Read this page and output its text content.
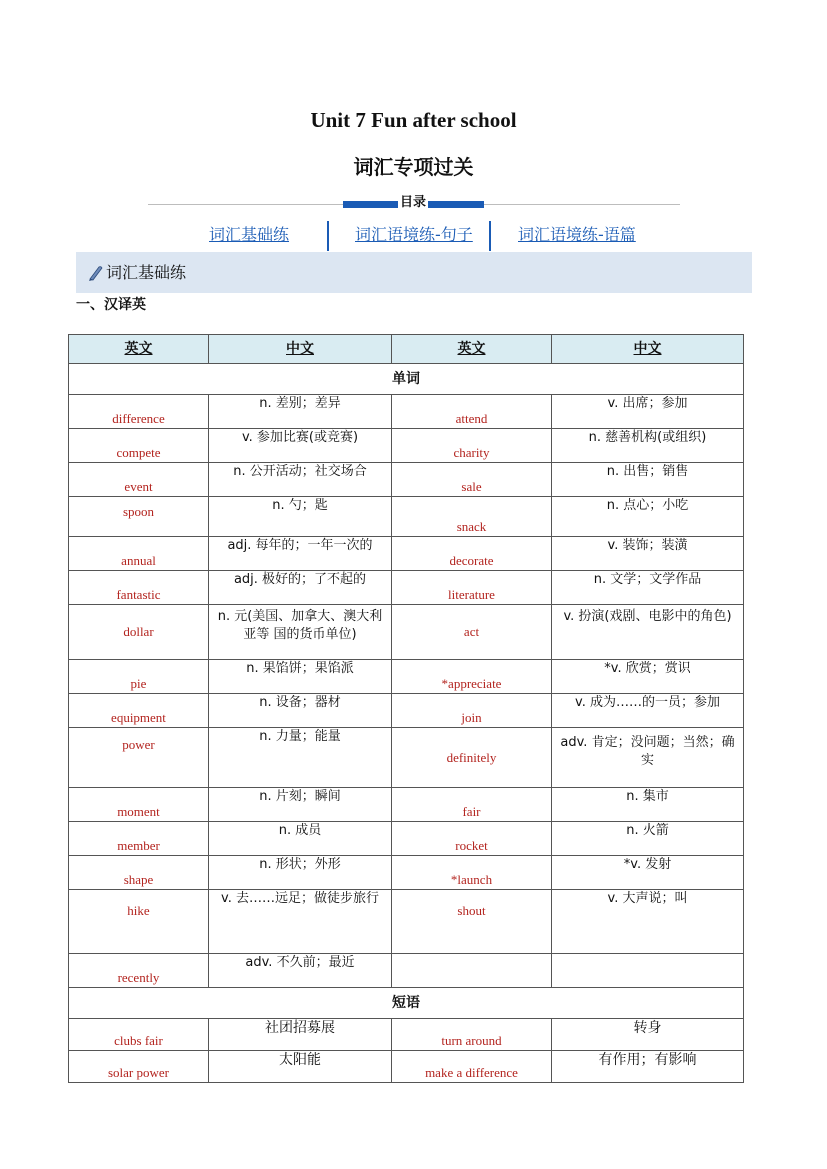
Unit 7 Fun after school
词汇专项过关
目录
词汇基础练	词汇语境练-句子	词汇语境练-语篇
词汇基础练
一、汉译英
英文	中文	英文	中文
单词			
difference	n. 差别；差异	attend	v. 出席；参加
compete	v. 参加比赛(或竞赛)	charity	n. 慈善机构(或组织)
event	n. 公开活动；社交场合	sale	n. 出售；销售
spoon	n. 勺；匙	snack	n. 点心；小吃
annual	adj. 每年的；一年一次的	decorate	v. 装饰；装潢
fantastic	adj. 极好的；了不起的	literature	n. 文学；文学作品
dollar	n. 元(美国、加拿大、澳大利亚等 国的货币单位)	act	v. 扮演(戏剧、电影中的角色)
pie	n. 果馅饼；果馅派	*appreciate	*v. 欣赏；赏识
equipment	n. 设备；器材	join	v. 成为……的一员；参加
power	n. 力量；能量	definitely	adv. 肯定；没问题；当然；确实
moment	n. 片刻；瞬间	fair	n. 集市
member	n. 成员	rocket	n. 火箭
shape	n. 形状；外形	*launch	*v. 发射
hike	v. 去……远足；做徒步旅行	shout	v. 大声说；叫
recently	adv. 不久前；最近		
短语			
clubs fair	社团招募展	turn around	转身
solar power	太阳能	make a difference	有作用；有影响
